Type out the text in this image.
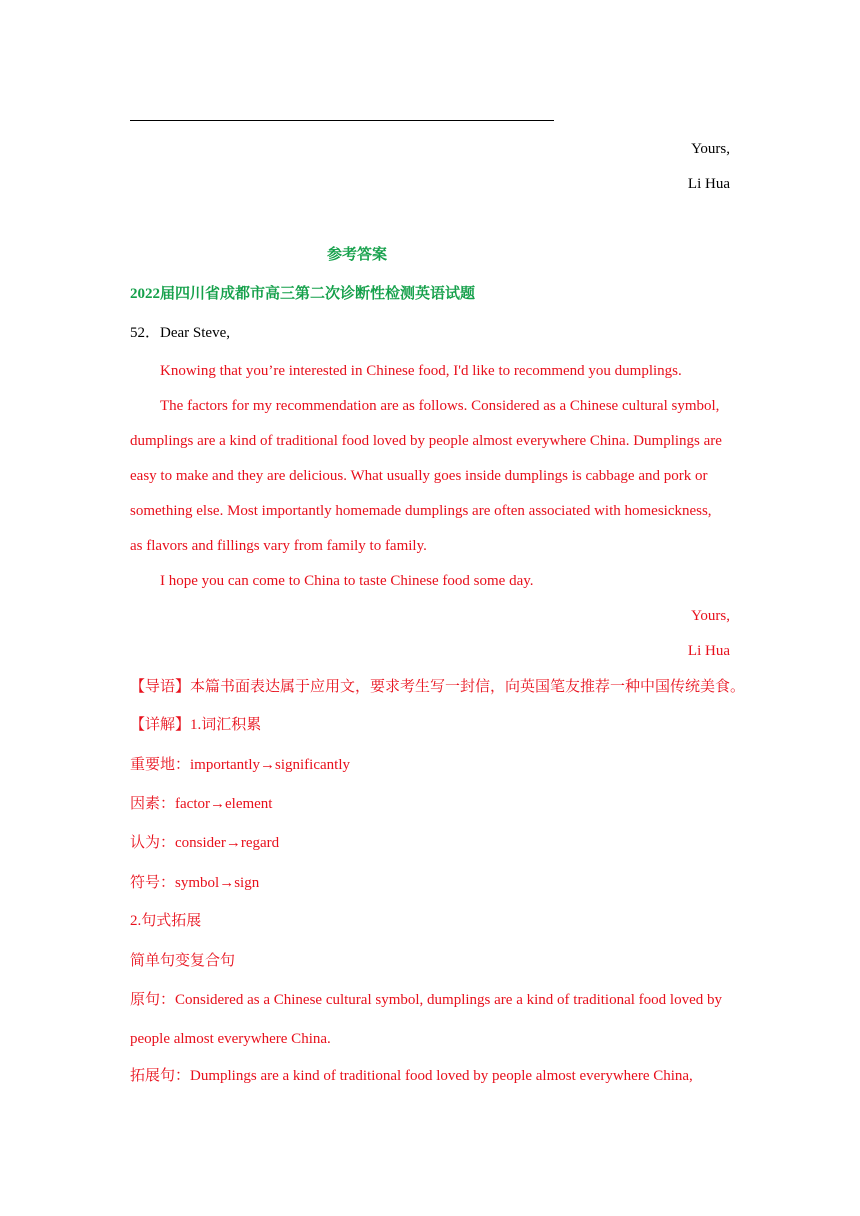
Yours,
Li Hua
参考答案
2022届四川省成都市高三第二次诊断性检测英语试题
52．Dear Steve,
Knowing that you’re interested in Chinese food, I'd like to recommend you dumplings.
The factors for my recommendation are as follows. Considered as a Chinese cultural symbol,
dumplings are a kind of traditional food loved by people almost everywhere China. Dumplings are
easy to make and they are delicious. What usually goes inside dumplings is cabbage and pork or
something else. Most importantly homemade dumplings are often associated with homesickness,
as flavors and fillings vary from family to family.
I hope you can come to China to taste Chinese food some day.
Yours,
Li Hua
【导语】本篇书面表达属于应用文，要求考生写一封信，向英国笔友推荐一种中国传统美食。
【详解】1.词汇积累
重要地：importantly→significantly
因素：factor→element
认为：consider→regard
符号：symbol→sign
2.句式拓展
简单句变复合句
原句：Considered as a Chinese cultural symbol, dumplings are a kind of traditional food loved by
people almost everywhere China.
拓展句：Dumplings are a kind of traditional food loved by people almost everywhere China,
